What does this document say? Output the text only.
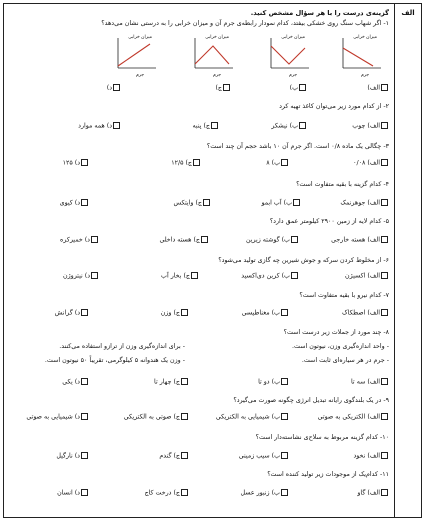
الف
گزینه‌ی درست را با هر سؤال مشخص کنید.
۱- اگر شهاب سنگ روی خشکی بیفتد، کدام نمودار رابطه‌ی جرم آن و میزان خرابی را به درستی نشان می‌دهد؟
میزان خرابی
میزان خرابی
میزان خرابی
میزان خرابی
جرم
جرم
جرم
جرم
الف)
ب)
ج)
د)
۲- از کدام مورد زیر می‌توان کاغذ تهیه کرد
الف) چوب
ب) نیشکر
ج) پنبه
د) همه موارد
۳- چگالی یک ماده ۰/۸ است. اگر جرم آن ۱۰ باشد حجم آن چند است؟
الف) ۰/۰۸
ب) ۸
ج) ۱۲/۵
د) ۱۲۵
۴- کدام گزینه با بقیه متفاوت است؟
الف) جوهرنمک
ب) آب ابمو
ج) وایتکس
د) کیوی
۵- کدام لایه از زمین ۲۹۰۰ کیلومتر عمق دارد؟
الف) هسته خارجی
ب) گوشته زیرین
ج) هسته داخلی
د) خمیرکره
۶- از مخلوط کردن سرکه و جوش شیرین چه گازی تولید می‌شود؟
الف) اکسیژن
ب) کربن دی‌اکسید
ج) بخار آب
د) نیتروژن
۷- کدام نیرو با بقیه متفاوت است؟
الف) اصطکاک
ب) مغناطیسی
ج) وزن
د) گرانش
۸- چند مورد از جملات زیر درست است؟
- واحد اندازه‌گیری وزن، نیوتون است.
- برای اندازه‌گیری وزن از ترازو استفاده می‌کنند.
- جرم در هر سیاره‌ای ثابت است.
- وزن یک هندوانه ۵ کیلوگرمی، تقریباً ۵۰ نیوتون است.
الف) سه تا
ب) دو تا
ج) چهار تا
د) یکی
۹- در یک بلندگوی رایانه تبدیل انرژی چگونه صورت می‌گیرد؟
الف) الکتریکی به صوتی
ب) شیمیایی به الکتریکی
ج) صوتی به الکتریکی
د) شیمیایی به صوتی
۱۰- کدام گزینه مربوط به سلاح‌ی نشاسته‌دار است؟
الف) نخود
ب) سیب زمینی
ج) گندم
د) نارگیل
۱۱- کدام‌یک از موجودات زیر تولید کننده است؟
الف) گاو
ب) زنبور عسل
ج) درخت کاج
د) انسان
